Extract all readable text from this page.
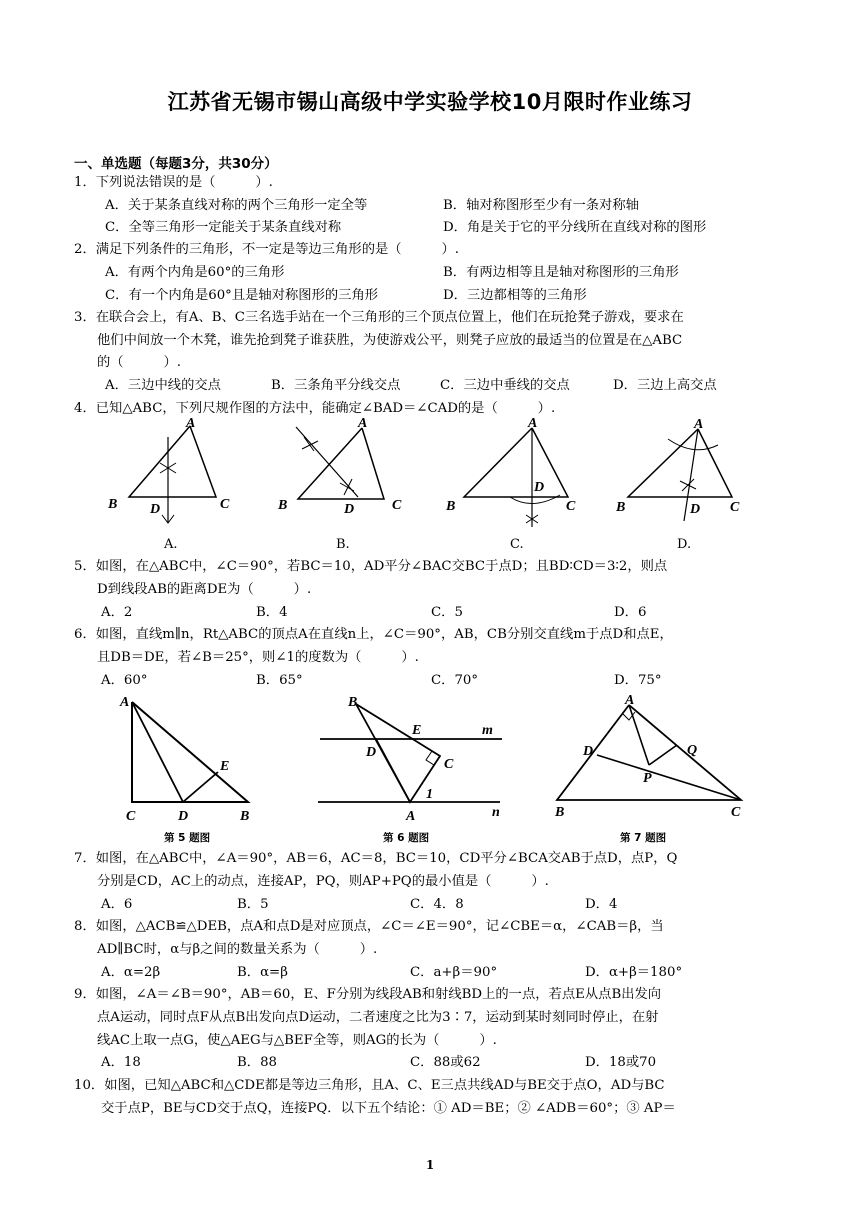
江苏省无锡市锡山高级中学实验学校10月限时作业练习
一、单选题（每题3分，共30分）
1．下列说法错误的是（　　　）.
A．关于某条直线对称的两个三角形一定全等	B．轴对称图形至少有一条对称轴
C．全等三角形一定能关于某条直线对称	D．角是关于它的平分线所在直线对称的图形
2．满足下列条件的三角形，不一定是等边三角形的是（　　　）.
A．有两个内角是60°的三角形	B．有两边相等且是轴对称图形的三角形
C．有一个内角是60°且是轴对称图形的三角形	D．三边都相等的三角形
3．在联合会上，有A、B、C三名选手站在一个三角形的三个顶点位置上，他们在玩抢凳子游戏，要求在
他们中间放一个木凳，谁先抢到凳子谁获胜，为使游戏公平，则凳子应放的最适当的位置是在△ABC
的（　　　）.
A．三边中线的交点	B．三条角平分线交点	C．三边中垂线的交点	D．三边上高交点
4．已知△ABC，下列尺规作图的方法中，能确定∠BAD＝∠CAD的是（　　　）.
A
B	C
D
A
B	C
D
A
B	C
D
A
B	C
D
A.	B.	C.	D.
5．如图，在△ABC中，∠C＝90°，若BC＝10，AD平分∠BAC交BC于点D；且BD∶CD＝3∶2，则点
D到线段AB的距离DE为（　　　）.
A．2	B．4	C．5	D．6
6．如图，直线m∥n，Rt△ABC的顶点A在直线n上，∠C＝90°，AB，CB分别交直线m于点D和点E，
且DB＝DE，若∠B＝25°，则∠1的度数为（　　　）.
A．60°	B．65°	C．70°	D．75°
A
C	D	B
E
B
E	m
D
C
A
1
n
A
D	Q
P
B	C
第 5 题图	第 6 题图	第 7 题图
7．如图，在△ABC中，∠A＝90°，AB＝6，AC＝8，BC＝10，CD平分∠BCA交AB于点D，点P，Q
分别是CD，AC上的动点，连接AP，PQ，则AP+PQ的最小值是（　　　）.
A．6	B．5	C．4．8	D．4
8．如图，△ACB≌△DEB，点A和点D是对应顶点，∠C＝∠E＝90°，记∠CBE＝α，∠CAB＝β，当
AD∥BC时，α与β之间的数量关系为（　　　）.
A．α=2β	B．α=β	C．a+β＝90°	D．α+β＝180°
9．如图，∠A＝∠B＝90°，AB＝60，E、F分别为线段AB和射线BD上的一点，若点E从点B出发向
点A运动，同时点F从点B出发向点D运动，二者速度之比为3∶7，运动到某时刻同时停止，在射
线AC上取一点G，使△AEG与△BEF全等，则AG的长为（　　　）.
A．18	B．88	C．88或62	D．18或70
10．如图，已知△ABC和△CDE都是等边三角形，且A、C、E三点共线AD与BE交于点O，AD与BC
交于点P，BE与CD交于点Q，连接PQ．以下五个结论：① AD＝BE；② ∠ADB＝60°；③ AP＝
1
